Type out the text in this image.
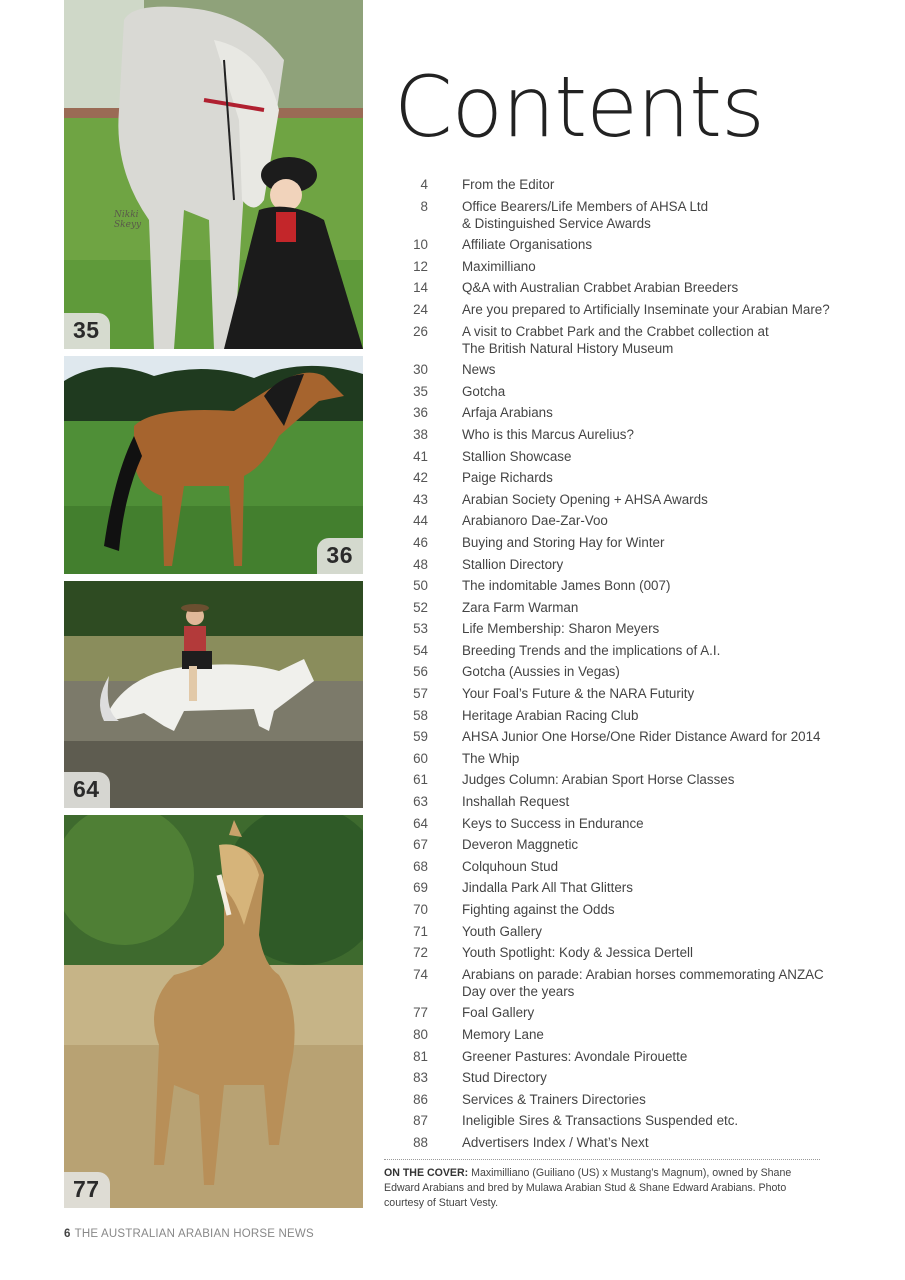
Nikki
Skeyy
35
36
64
77
Contents
4	From the Editor
8	Office Bearers/Life Members of AHSA Ltd
& Distinguished Service Awards
10	Affiliate Organisations
12	Maximilliano
14	Q&A with Australian Crabbet Arabian Breeders
24	Are you prepared to Artificially Inseminate your Arabian Mare?
26	A visit to Crabbet Park and the Crabbet collection at
The British Natural History Museum
30	News
35	Gotcha
36	Arfaja Arabians
38	Who is this Marcus Aurelius?
41	Stallion Showcase
42	Paige Richards
43	Arabian Society Opening + AHSA Awards
44	Arabianoro Dae-Zar-Voo
46	Buying and Storing Hay for Winter
48	Stallion Directory
50	The indomitable James Bonn (007)
52	Zara Farm Warman
53	Life Membership: Sharon Meyers
54	Breeding Trends and the implications of A.I.
56	Gotcha (Aussies in Vegas)
57	Your Foal’s Future & the NARA Futurity
58	Heritage Arabian Racing Club
59	AHSA Junior One Horse/One Rider Distance Award for 2014
60	The Whip
61	Judges Column: Arabian Sport Horse Classes
63	Inshallah Request
64	Keys to Success in Endurance
67	Deveron Maggnetic
68	Colquhoun Stud
69	Jindalla Park All That Glitters
70	Fighting against the Odds
71	Youth Gallery
72	Youth Spotlight: Kody & Jessica Dertell
74	Arabians on parade: Arabian horses commemorating ANZAC
Day over the years
77	Foal Gallery
80	Memory Lane
81	Greener Pastures: Avondale Pirouette
83	Stud Directory
86	Services & Trainers Directories
87	Ineligible Sires & Transactions Suspended etc.
88	Advertisers Index / What’s Next
ON THE COVER: Maximilliano (Guiliano (US) x Mustang’s Magnum), owned by Shane Edward Arabians and bred by Mulawa Arabian Stud & Shane Edward Arabians. Photo courtesy of Stuart Vesty.
6 THE AUSTRALIAN ARABIAN HORSE NEWS
